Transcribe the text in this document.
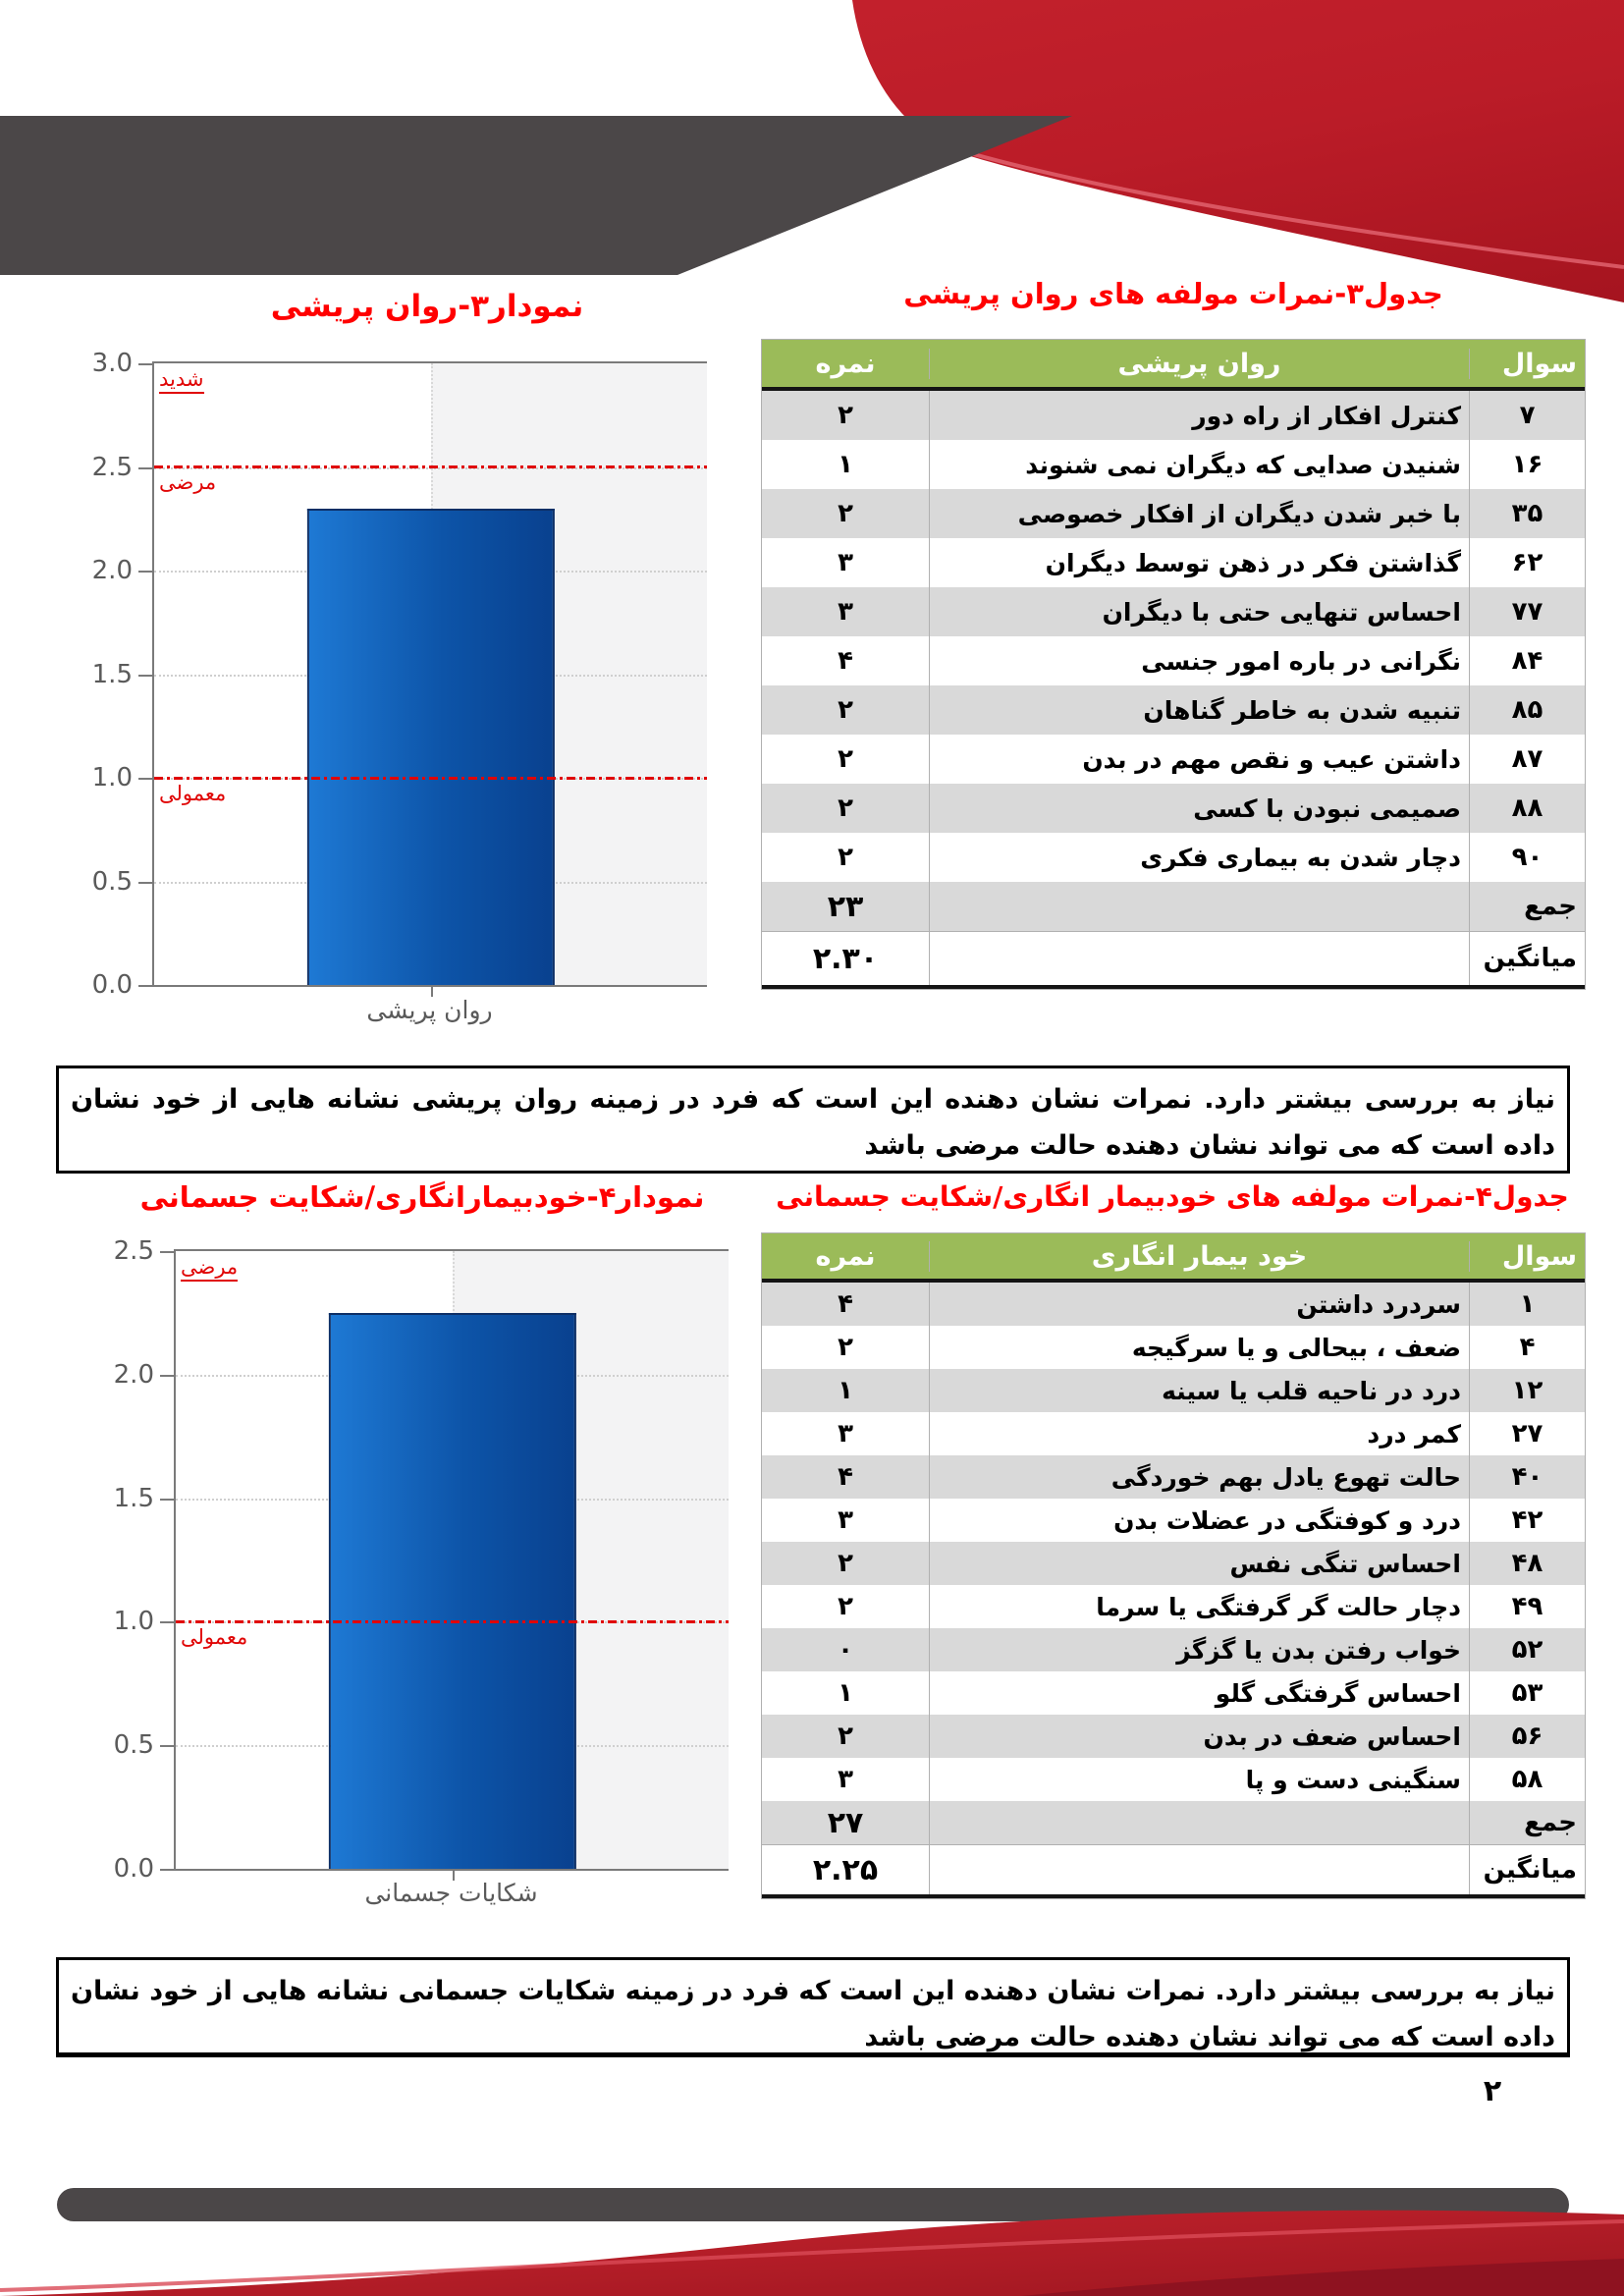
نمودار۳-روان پریشی
0.0
0.5
1.0
1.5
2.0
2.5
3.0
شدید
مرضی
معمولی
روان پریشی
جدول۳-نمرات مولفه های روان پریشی
سوال
روان پریشی
نمره
۷
کنترل افکار از راه دور
۲
۱۶
شنیدن صدایی که دیگران نمی شنوند
۱
۳۵
با خبر شدن دیگران از افکار خصوصی
۲
۶۲
گذاشتن فکر در ذهن توسط دیگران
۳
۷۷
احساس تنهایی حتی با دیگران
۳
۸۴
نگرانی در باره امور جنسی
۴
۸۵
تنبیه شدن به خاطر گناهان
۲
۸۷
داشتن عیب و نقص مهم در بدن
۲
۸۸
صمیمی نبودن با کسی
۲
۹۰
دچار شدن به بیماری فکری
۲
جمع
۲۳
میانگین
۲.۳۰
نیاز به بررسی بیشتر دارد. نمرات نشان دهنده این است که فرد در زمینه روان پریشی نشانه هایی از خود نشان داده است که می تواند نشان دهنده حالت مرضی باشد
نمودار۴-خودبیمارانگاری/شکایت جسمانی
0.0
0.5
1.0
1.5
2.0
2.5
مرضی
معمولی
شکایات جسمانی
جدول۴-نمرات مولفه های خودبیمار انگاری/شکایت جسمانی
سوال
خود بیمار انگاری
نمره
۱
سردرد داشتن
۴
۴
ضعف ، بیحالی و یا سرگیجه
۲
۱۲
درد در ناحیه قلب یا سینه
۱
۲۷
کمر درد
۳
۴۰
حالت تهوع یادل بهم خوردگی
۴
۴۲
درد و کوفتگی در عضلات بدن
۳
۴۸
احساس تنگی نفس
۲
۴۹
دچار حالت گر گرفتگی یا سرما
۲
۵۲
خواب رفتن بدن یا گزگز
۰
۵۳
احساس گرفتگی گلو
۱
۵۶
احساس ضعف در بدن
۲
۵۸
سنگینی دست و پا
۳
جمع
۲۷
میانگین
۲.۲۵
نیاز به بررسی بیشتر دارد. نمرات نشان دهنده این است که فرد در زمینه شکایات جسمانی نشانه هایی از خود نشان داده است که می تواند نشان دهنده حالت مرضی باشد
۲
